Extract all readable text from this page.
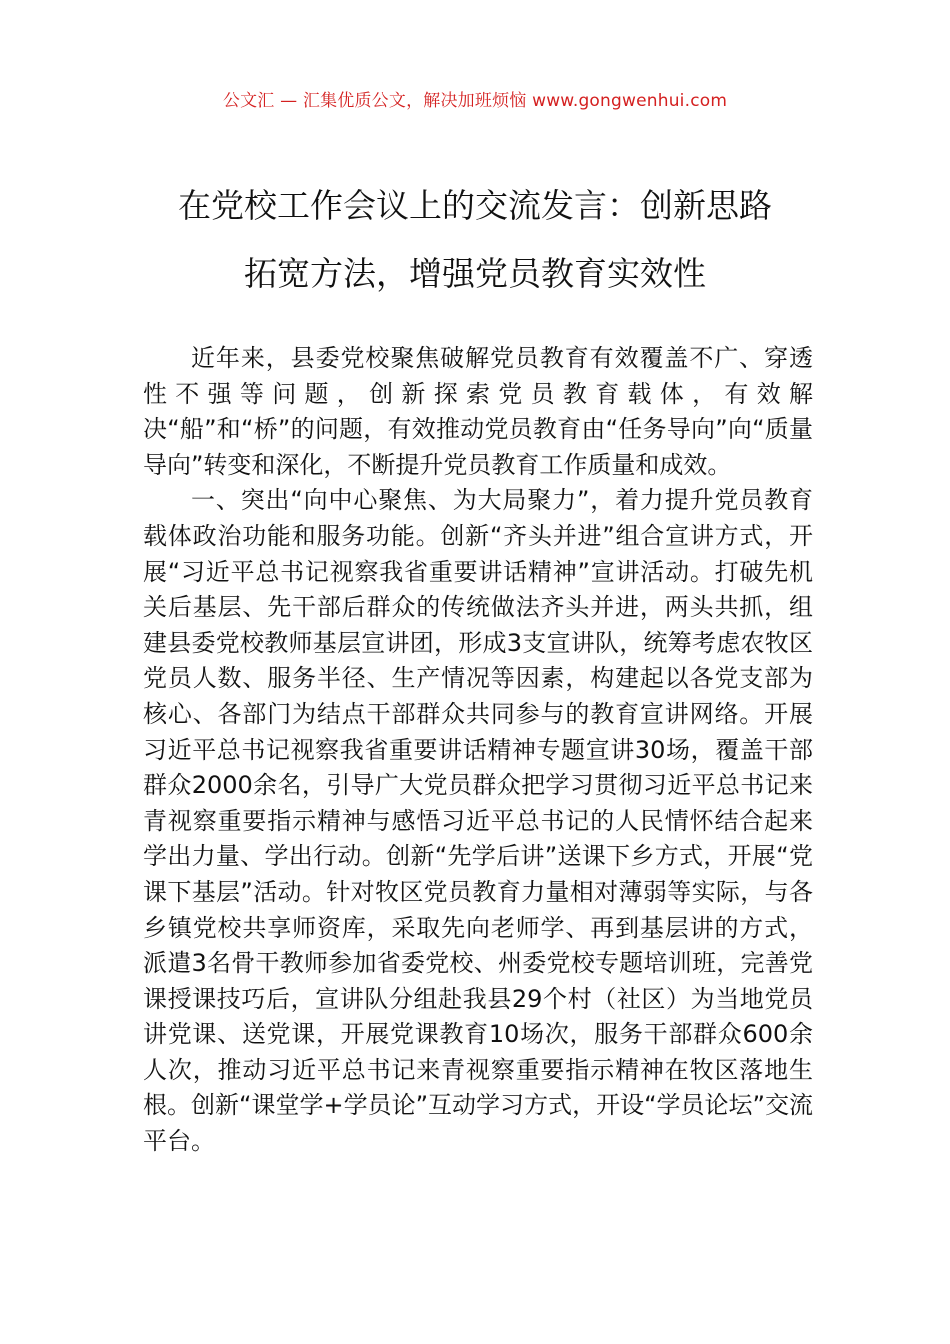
公文汇 — 汇集优质公文，解决加班烦恼 www.gongwenhui.com
在党校工作会议上的交流发言：创新思路
拓宽方法，增强党员教育实效性

近年来，县委党校聚焦破解党员教育有效覆盖不广、穿透性不强等问题，创新探索党员教育载体，有效解决“船”和“桥”的问题，有效推动党员教育由“任务导向”向“质量导向”转变和深化，不断提升党员教育工作质量和成效。

一、突出“向中心聚焦、为大局聚力”，着力提升党员教育载体政治功能和服务功能。创新“齐头并进”组合宣讲方式，开展“习近平总书记视察我省重要讲话精神”宣讲活动。打破先机关后基层、先干部后群众的传统做法齐头并进，两头共抓，组建县委党校教师基层宣讲团，形成3支宣讲队，统筹考虑农牧区党员人数、服务半径、生产情况等因素，构建起以各党支部为核心、各部门为结点干部群众共同参与的教育宣讲网络。开展习近平总书记视察我省重要讲话精神专题宣讲30场，覆盖干部群众2000余名，引导广大党员群众把学习贯彻习近平总书记来青视察重要指示精神与感悟习近平总书记的人民情怀结合起来学出力量、学出行动。创新“先学后讲”送课下乡方式，开展“党课下基层”活动。针对牧区党员教育力量相对薄弱等实际，与各乡镇党校共享师资库，采取先向老师学、再到基层讲的方式，派遣3名骨干教师参加省委党校、州委党校专题培训班，完善党课授课技巧后，宣讲队分组赴我县29个村（社区）为当地党员讲党课、送党课，开展党课教育10场次，服务干部群众600余人次，推动习近平总书记来青视察重要指示精神在牧区落地生根。创新“课堂学+学员论”互动学习方式，开设“学员论坛”交流平台。
